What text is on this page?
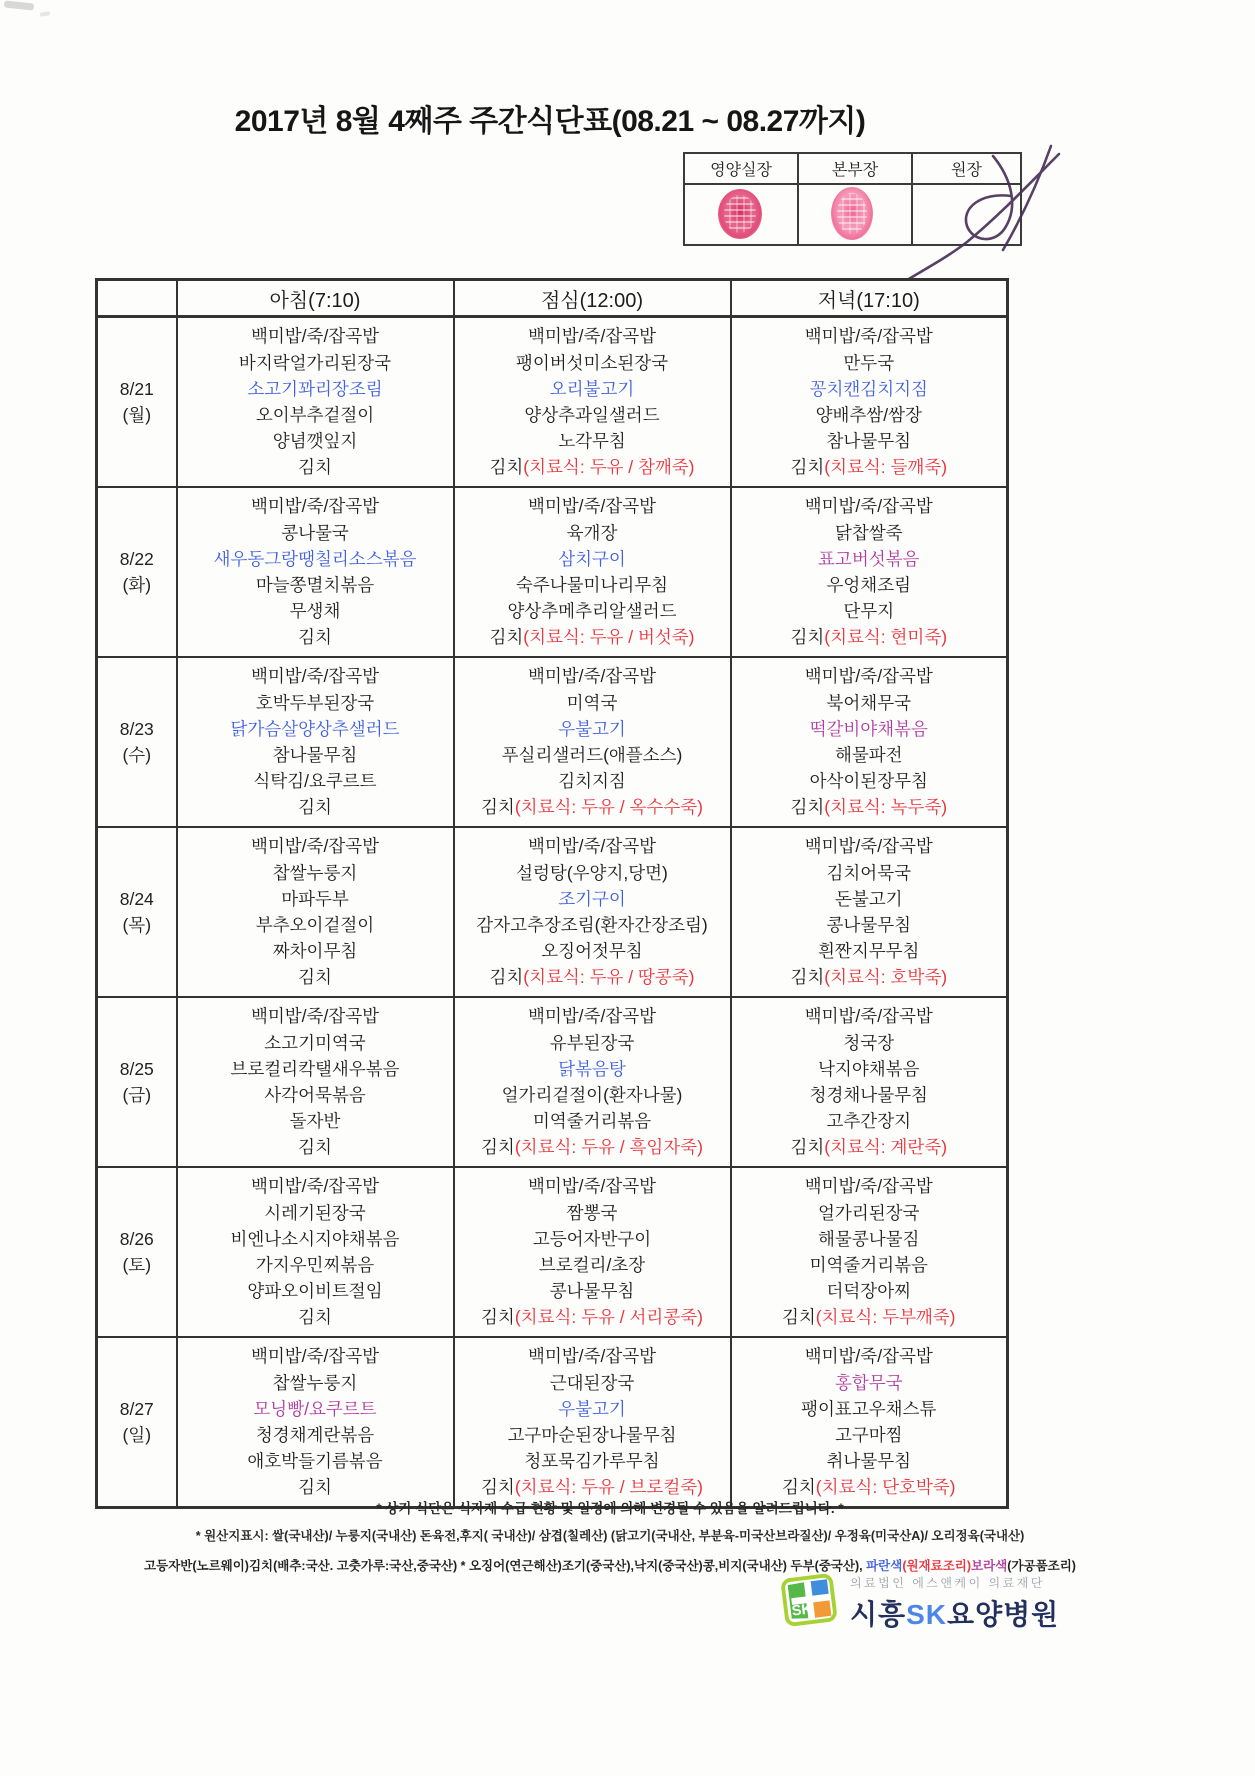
2017년 8월 4째주 주간식단표(08.21 ~ 08.27까지)
영양실장	본부장	원장

	아침(7:10)	점심(12:00)	저녁(17:10)

8/21
(월)

백미밥/죽/잡곡밥
바지락얼가리된장국
소고기꽈리장조림
오이부추겉절이
양념깻잎지
김치

백미밥/죽/잡곡밥
팽이버섯미소된장국
오리불고기
양상추과일샐러드
노각무침
김치(치료식: 두유 / 참깨죽)

백미밥/죽/잡곡밥
만두국
꽁치캔김치지짐
양배추쌈/쌈장
참나물무침
김치(치료식: 들깨죽)

8/22
(화)

백미밥/죽/잡곡밥
콩나물국
새우동그랑땡칠리소스볶음
마늘쫑멸치볶음
무생채
김치

백미밥/죽/잡곡밥
육개장
삼치구이
숙주나물미나리무침
양상추메추리알샐러드
김치(치료식: 두유 / 버섯죽)

백미밥/죽/잡곡밥
닭찹쌀죽
표고버섯볶음
우엉채조림
단무지
김치(치료식: 현미죽)

8/23
(수)

백미밥/죽/잡곡밥
호박두부된장국
닭가슴살양상추샐러드
참나물무침
식탁김/요쿠르트
김치

백미밥/죽/잡곡밥
미역국
우불고기
푸실리샐러드(애플소스)
김치지짐
김치(치료식: 두유 / 옥수수죽)

백미밥/죽/잡곡밥
북어채무국
떡갈비야채볶음
해물파전
아삭이된장무침
김치(치료식: 녹두죽)

8/24
(목)

백미밥/죽/잡곡밥
찹쌀누룽지
마파두부
부추오이겉절이
짜차이무침
김치

백미밥/죽/잡곡밥
설렁탕(우양지,당면)
조기구이
감자고추장조림(환자간장조림)
오징어젓무침
김치(치료식: 두유 / 땅콩죽)

백미밥/죽/잡곡밥
김치어묵국
돈불고기
콩나물무침
흰짠지무무침
김치(치료식: 호박죽)

8/25
(금)

백미밥/죽/잡곡밥
소고기미역국
브로컬리칵탤새우볶음
사각어묵볶음
돌자반
김치

백미밥/죽/잡곡밥
유부된장국
닭볶음탕
얼가리겉절이(환자나물)
미역줄거리볶음
김치(치료식: 두유 / 흑임자죽)

백미밥/죽/잡곡밥
청국장
낙지야채볶음
청경채나물무침
고추간장지
김치(치료식: 계란죽)

8/26
(토)

백미밥/죽/잡곡밥
시레기된장국
비엔나소시지야채볶음
가지우민찌볶음
양파오이비트절임
김치

백미밥/죽/잡곡밥
짬뽕국
고등어자반구이
브로컬리/초장
콩나물무침
김치(치료식: 두유 / 서리콩죽)

백미밥/죽/잡곡밥
얼가리된장국
해물콩나물짐
미역줄거리볶음
더덕장아찌
김치(치료식: 두부깨죽)

8/27
(일)

백미밥/죽/잡곡밥
찹쌀누룽지
모닝빵/요쿠르트
청경채계란볶음
애호박들기름볶음
김치

백미밥/죽/잡곡밥
근대된장국
우불고기
고구마순된장나물무침
청포묵김가루무침
김치(치료식: 두유 / 브로컬죽)

백미밥/죽/잡곡밥
홍합무국
팽이표고우채스튜
고구마찜
취나물무침
김치(치료식: 단호박죽)
* 상기 식단은 식자재 수급 현황 및 일정에 의해 변경될 수 있음을 알려드립니다. *
* 원산지표시: 쌀(국내산)/ 누룽지(국내산) 돈육전,후지( 국내산)/ 삼겹(칠레산) (닭고기(국내산, 부분육-미국산브라질산)/ 우정육(미국산A)/ 오리정육(국내산)
고등자반(노르웨이)김치(배추:국산. 고춧가루:국산,중국산) * 오징어(연근해산)조기(중국산),낙지(중국산)콩,비지(국내산) 두부(중국산), 파란색(원재료조리)보라색(가공품조리)
SK
의료법인 에스앤케이 의료재단
시흥SK요양병원
